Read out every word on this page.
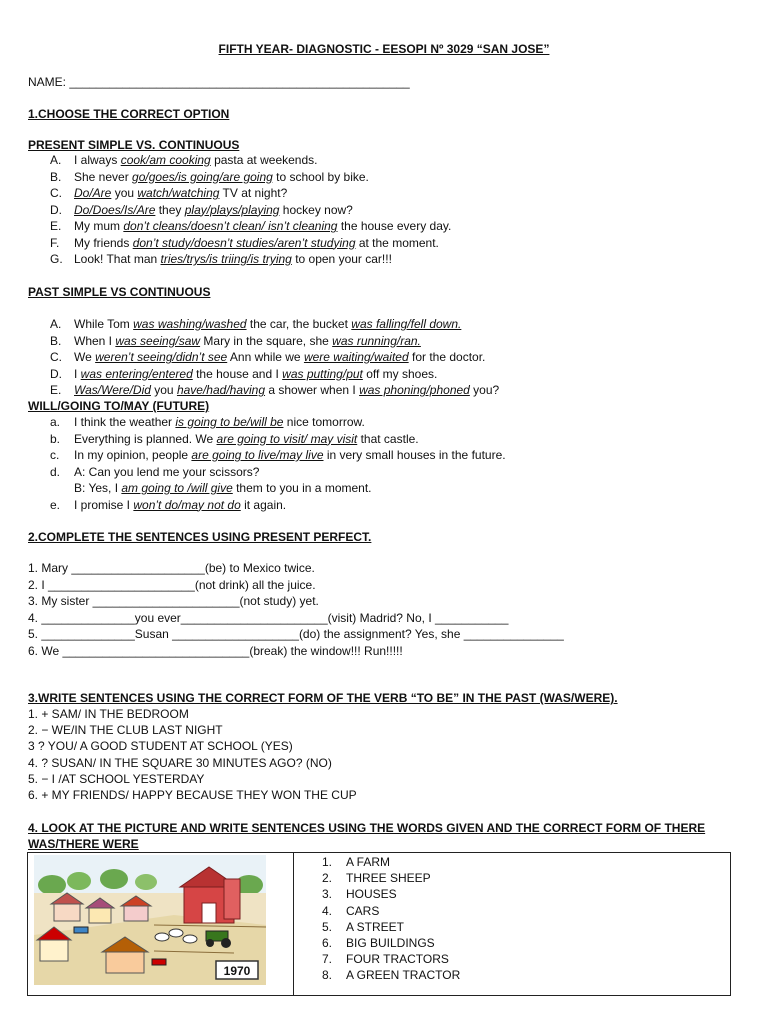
FIFTH YEAR- DIAGNOSTIC - EESOPI Nº 3029 “SAN JOSE”
NAME: ___________________________________________________
1.CHOOSE THE CORRECT OPTION
PRESENT SIMPLE VS. CONTINUOUS
A.	I always cook/am cooking pasta at weekends.
B.	She never go/goes/is going/are going to school by bike.
C.	Do/Are you watch/watching TV at night?
D.	Do/Does/Is/Are they play/plays/playing hockey now?
E.	My mum don’t cleans/doesn’t clean/ isn’t cleaning the house every day.
F.	My friends don’t study/doesn’t studies/aren’t studying at the moment.
G. Look! That man tries/trys/is triing/is trying to open your car!!!
PAST SIMPLE VS CONTINUOUS
A.	While Tom was washing/washed the car, the bucket was falling/fell down.
B.	When I was seeing/saw Mary in the square, she was running/ran.
C.	We weren’t seeing/didn’t see Ann while we were waiting/waited for the doctor.
D.	I was entering/entered the house and I was putting/put off my shoes.
E.	Was/Were/Did you have/had/having a shower when I was phoning/phoned you?
WILL/GOING TO/MAY (FUTURE)
a.	I think the weather is going to be/will be nice tomorrow.
b.	Everything is planned. We are going to visit/ may visit that castle.
c.	In my opinion, people are going to live/may live in very small houses in the future.
d.	A: Can you lend me your scissors?
B: Yes, I am going to /will give them to you in a moment.
e.	I promise I won’t do/may not do it again.
2.COMPLETE THE SENTENCES USING PRESENT PERFECT.
1. Mary ____________________(be) to Mexico twice.
2. I ______________________(not drink) all the juice.
3. My sister ______________________(not study) yet.
4. ______________you ever______________________(visit) Madrid? No, I ___________
5. ______________Susan ___________________(do) the assignment? Yes, she _______________
6. We ____________________________(break) the window!!! Run!!!!!
3.WRITE SENTENCES USING THE CORRECT FORM OF THE VERB “TO BE” IN THE PAST (WAS/WERE).
1. + SAM/ IN THE BEDROOM
2. − WE/IN THE CLUB LAST NIGHT
3 ? YOU/ A GOOD STUDENT AT SCHOOL (YES)
4. ? SUSAN/ IN THE SQUARE 30 MINUTES AGO? (NO)
5. − I /AT SCHOOL YESTERDAY
6. + MY FRIENDS/ HAPPY BECAUSE THEY WON THE CUP
4. LOOK AT THE PICTURE AND WRITE SENTENCES USING THE WORDS GIVEN AND THE CORRECT FORM OF THERE
WAS/THERE WERE
1970
1.	A FARM
2.	THREE SHEEP
3.	HOUSES
4.	CARS
5.	A STREET
6.	BIG BUILDINGS
7.	FOUR TRACTORS
8.	A GREEN TRACTOR
